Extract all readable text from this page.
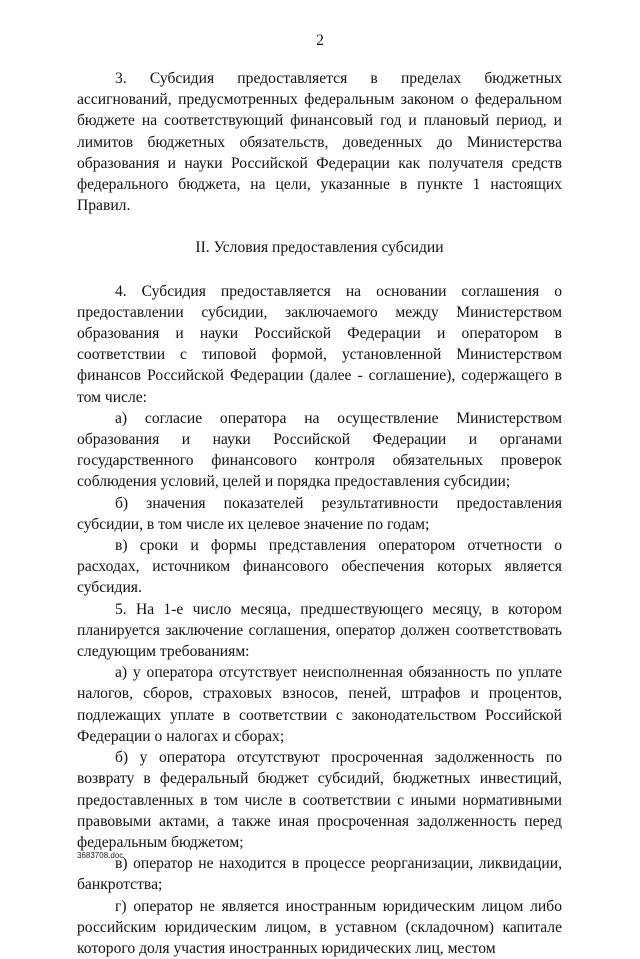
2

3. Субсидия предоставляется в пределах бюджетных ассигнований, предусмотренных федеральным законом о федеральном бюджете на соответствующий финансовый год и плановый период, и лимитов бюджетных обязательств, доведенных до Министерства образования и науки Российской Федерации как получателя средств федерального бюджета, на цели, указанные в пункте 1 настоящих Правил.

II. Условия предоставления субсидии

4. Субсидия предоставляется на основании соглашения о предоставлении субсидии, заключаемого между Министерством образования и науки Российской Федерации и оператором в соответствии с типовой формой, установленной Министерством финансов Российской Федерации (далее - соглашение), содержащего в том числе:

а) согласие оператора на осуществление Министерством образования и науки Российской Федерации и органами государственного финансового контроля обязательных проверок соблюдения условий, целей и порядка предоставления субсидии;

б) значения показателей результативности предоставления субсидии, в том числе их целевое значение по годам;

в) сроки и формы представления оператором отчетности о расходах, источником финансового обеспечения которых является субсидия.

5. На 1-е число месяца, предшествующего месяцу, в котором планируется заключение соглашения, оператор должен соответствовать следующим требованиям:

а) у оператора отсутствует неисполненная обязанность по уплате налогов, сборов, страховых взносов, пеней, штрафов и процентов, подлежащих уплате в соответствии с законодательством Российской Федерации о налогах и сборах;

б) у оператора отсутствуют просроченная задолженность по возврату в федеральный бюджет субсидий, бюджетных инвестиций, предоставленных в том числе в соответствии с иными нормативными правовыми актами, а также иная просроченная задолженность перед федеральным бюджетом;

в) оператор не находится в процессе реорганизации, ликвидации, банкротства;

г) оператор не является иностранным юридическим лицом либо российским юридическим лицом, в уставном (складочном) капитале которого доля участия иностранных юридических лиц, местом

3683708.doc
